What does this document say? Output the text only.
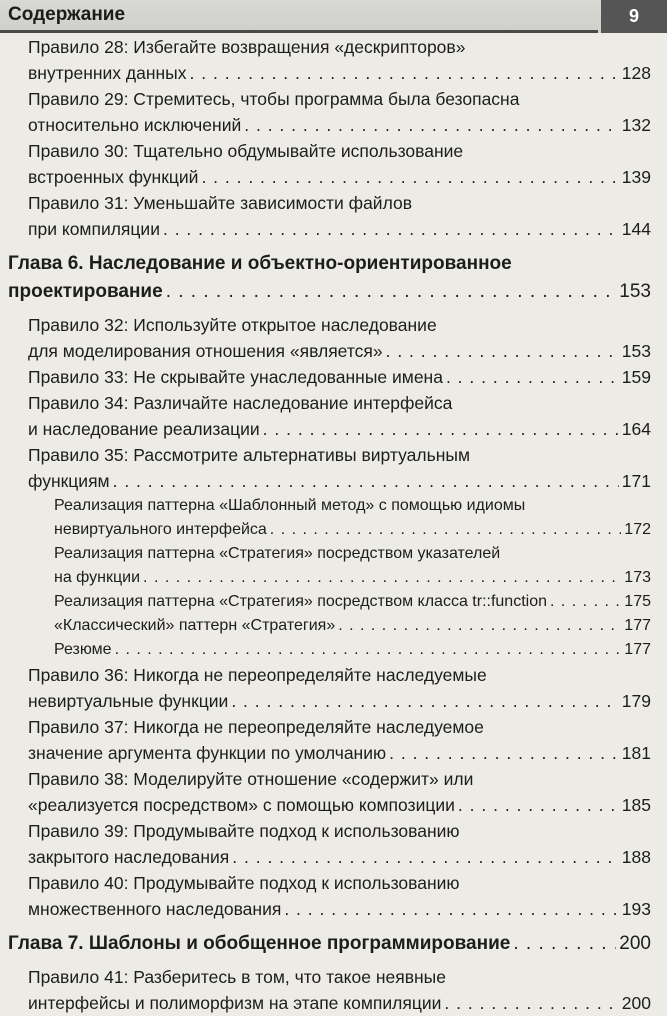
Содержание	9
Правило 28: Избегайте возвращения «дескрипторов»
внутренних данных . . .	128
Правило 29: Стремитесь, чтобы программа была безопасна
относительно исключений . . .	132
Правило 30: Тщательно обдумывайте использование
встроенных функций . . .	139
Правило 31: Уменьшайте зависимости файлов
при компиляции . . .	144
Глава 6. Наследование и объектно-ориентированное
проектирование . . .	153
Правило 32: Используйте открытое наследование
для моделирования отношения «является» . . .	153
Правило 33: Не скрывайте унаследованные имена . . .	159
Правило 34: Различайте наследование интерфейса
и наследование реализации . . .	164
Правило 35: Рассмотрите альтернативы виртуальным
функциям . . .	171
Реализация паттерна «Шаблонный метод» с помощью идиомы
невиртуального интерфейса . . .	172
Реализация паттерна «Стратегия» посредством указателей
на функции . . .	173
Реализация паттерна «Стратегия» посредством класса tr::function . . .	175
«Классический» паттерн «Стратегия» . . .	177
Резюме . . .	177
Правило 36: Никогда не переопределяйте наследуемые
невиртуальные функции . . .	179
Правило 37: Никогда не переопределяйте наследуемое
значение аргумента функции по умолчанию . . .	181
Правило 38: Моделируйте отношение «содержит» или
«реализуется посредством» с помощью композиции . . .	185
Правило 39: Продумывайте подход к использованию
закрытого наследования . . .	188
Правило 40: Продумывайте подход к использованию
множественного наследования . . .	193
Глава 7. Шаблоны и обобщенное программирование . . .	200
Правило 41: Разберитесь в том, что такое неявные
интерфейсы и полиморфизм на этапе компиляции . . .	200
